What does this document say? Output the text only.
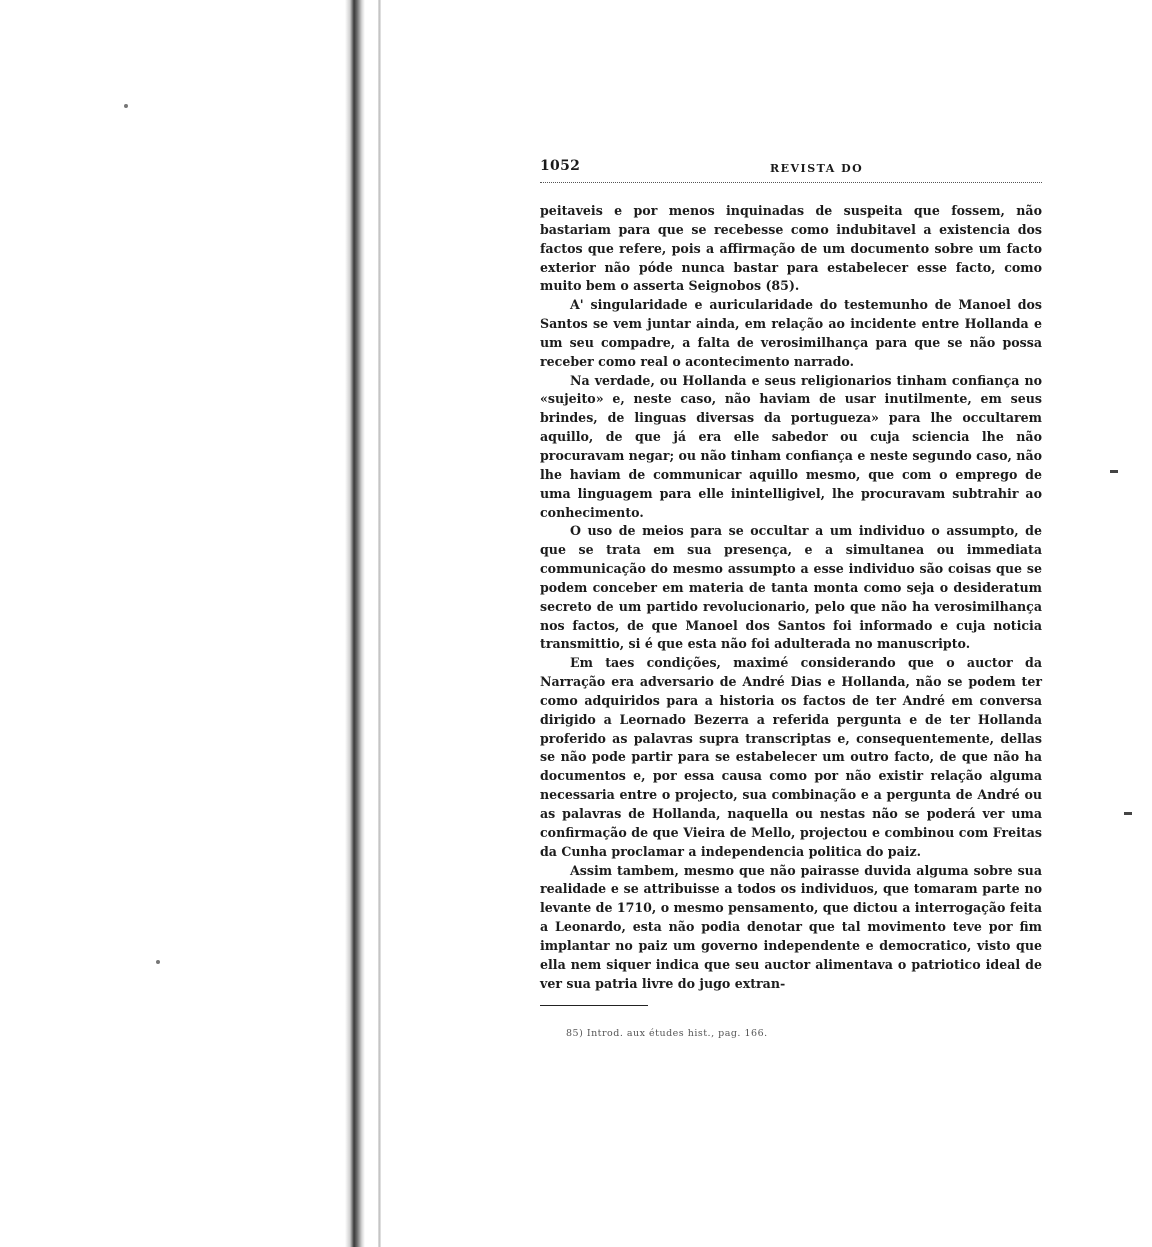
1052	REVISTA DO

peitaveis e por menos inquinadas de suspeita que fossem, não bastariam para que se recebesse como indubitavel a existencia dos factos que refere, pois a affirmação de um documento sobre um facto exterior não póde nunca bastar para estabelecer esse facto, como muito bem o asserta Seignobos (85).

A' singularidade e auricularidade do testemunho de Manoel dos Santos se vem juntar ainda, em relação ao incidente entre Hollanda e um seu compadre, a falta de verosimilhança para que se não possa receber como real o acontecimento narrado.

Na verdade, ou Hollanda e seus religionarios tinham confiança no «sujeito» e, neste caso, não haviam de usar inutilmente, em seus brindes, de linguas diversas da portugueza» para lhe occultarem aquillo, de que já era elle sabedor ou cuja sciencia lhe não procuravam negar; ou não tinham confiança e neste segundo caso, não lhe haviam de communicar aquillo mesmo, que com o emprego de uma linguagem para elle inintelligivel, lhe procuravam subtrahir ao conhecimento.

O uso de meios para se occultar a um individuo o assumpto, de que se trata em sua presença, e a simultanea ou immediata communicação do mesmo assumpto a esse individuo são coisas que se podem conceber em materia de tanta monta como seja o desideratum secreto de um partido revolucionario, pelo que não ha verosimilhança nos factos, de que Manoel dos Santos foi informado e cuja noticia transmittio, si é que esta não foi adulterada no manuscripto.

Em taes condições, maximé considerando que o auctor da Narração era adversario de André Dias e Hollanda, não se podem ter como adquiridos para a historia os factos de ter André em conversa dirigido a Leornado Bezerra a referida pergunta e de ter Hollanda proferido as palavras supra transcriptas e, consequentemente, dellas se não pode partir para se estabelecer um outro facto, de que não ha documentos e, por essa causa como por não existir relação alguma necessaria entre o projecto, sua combinação e a pergunta de André ou as palavras de Hollanda, naquella ou nestas não se poderá ver uma confirmação de que Vieira de Mello, projectou e combinou com Freitas da Cunha proclamar a independencia politica do paiz.

Assim tambem, mesmo que não pairasse duvida alguma sobre sua realidade e se attribuisse a todos os individuos, que tomaram parte no levante de 1710, o mesmo pensamento, que dictou a interrogação feita a Leonardo, esta não podia denotar que tal movimento teve por fim implantar no paiz um governo independente e democratico, visto que ella nem siquer indica que seu auctor alimentava o patriotico ideal de ver sua patria livre do jugo extran-

85) Introd. aux études hist., pag. 166.
